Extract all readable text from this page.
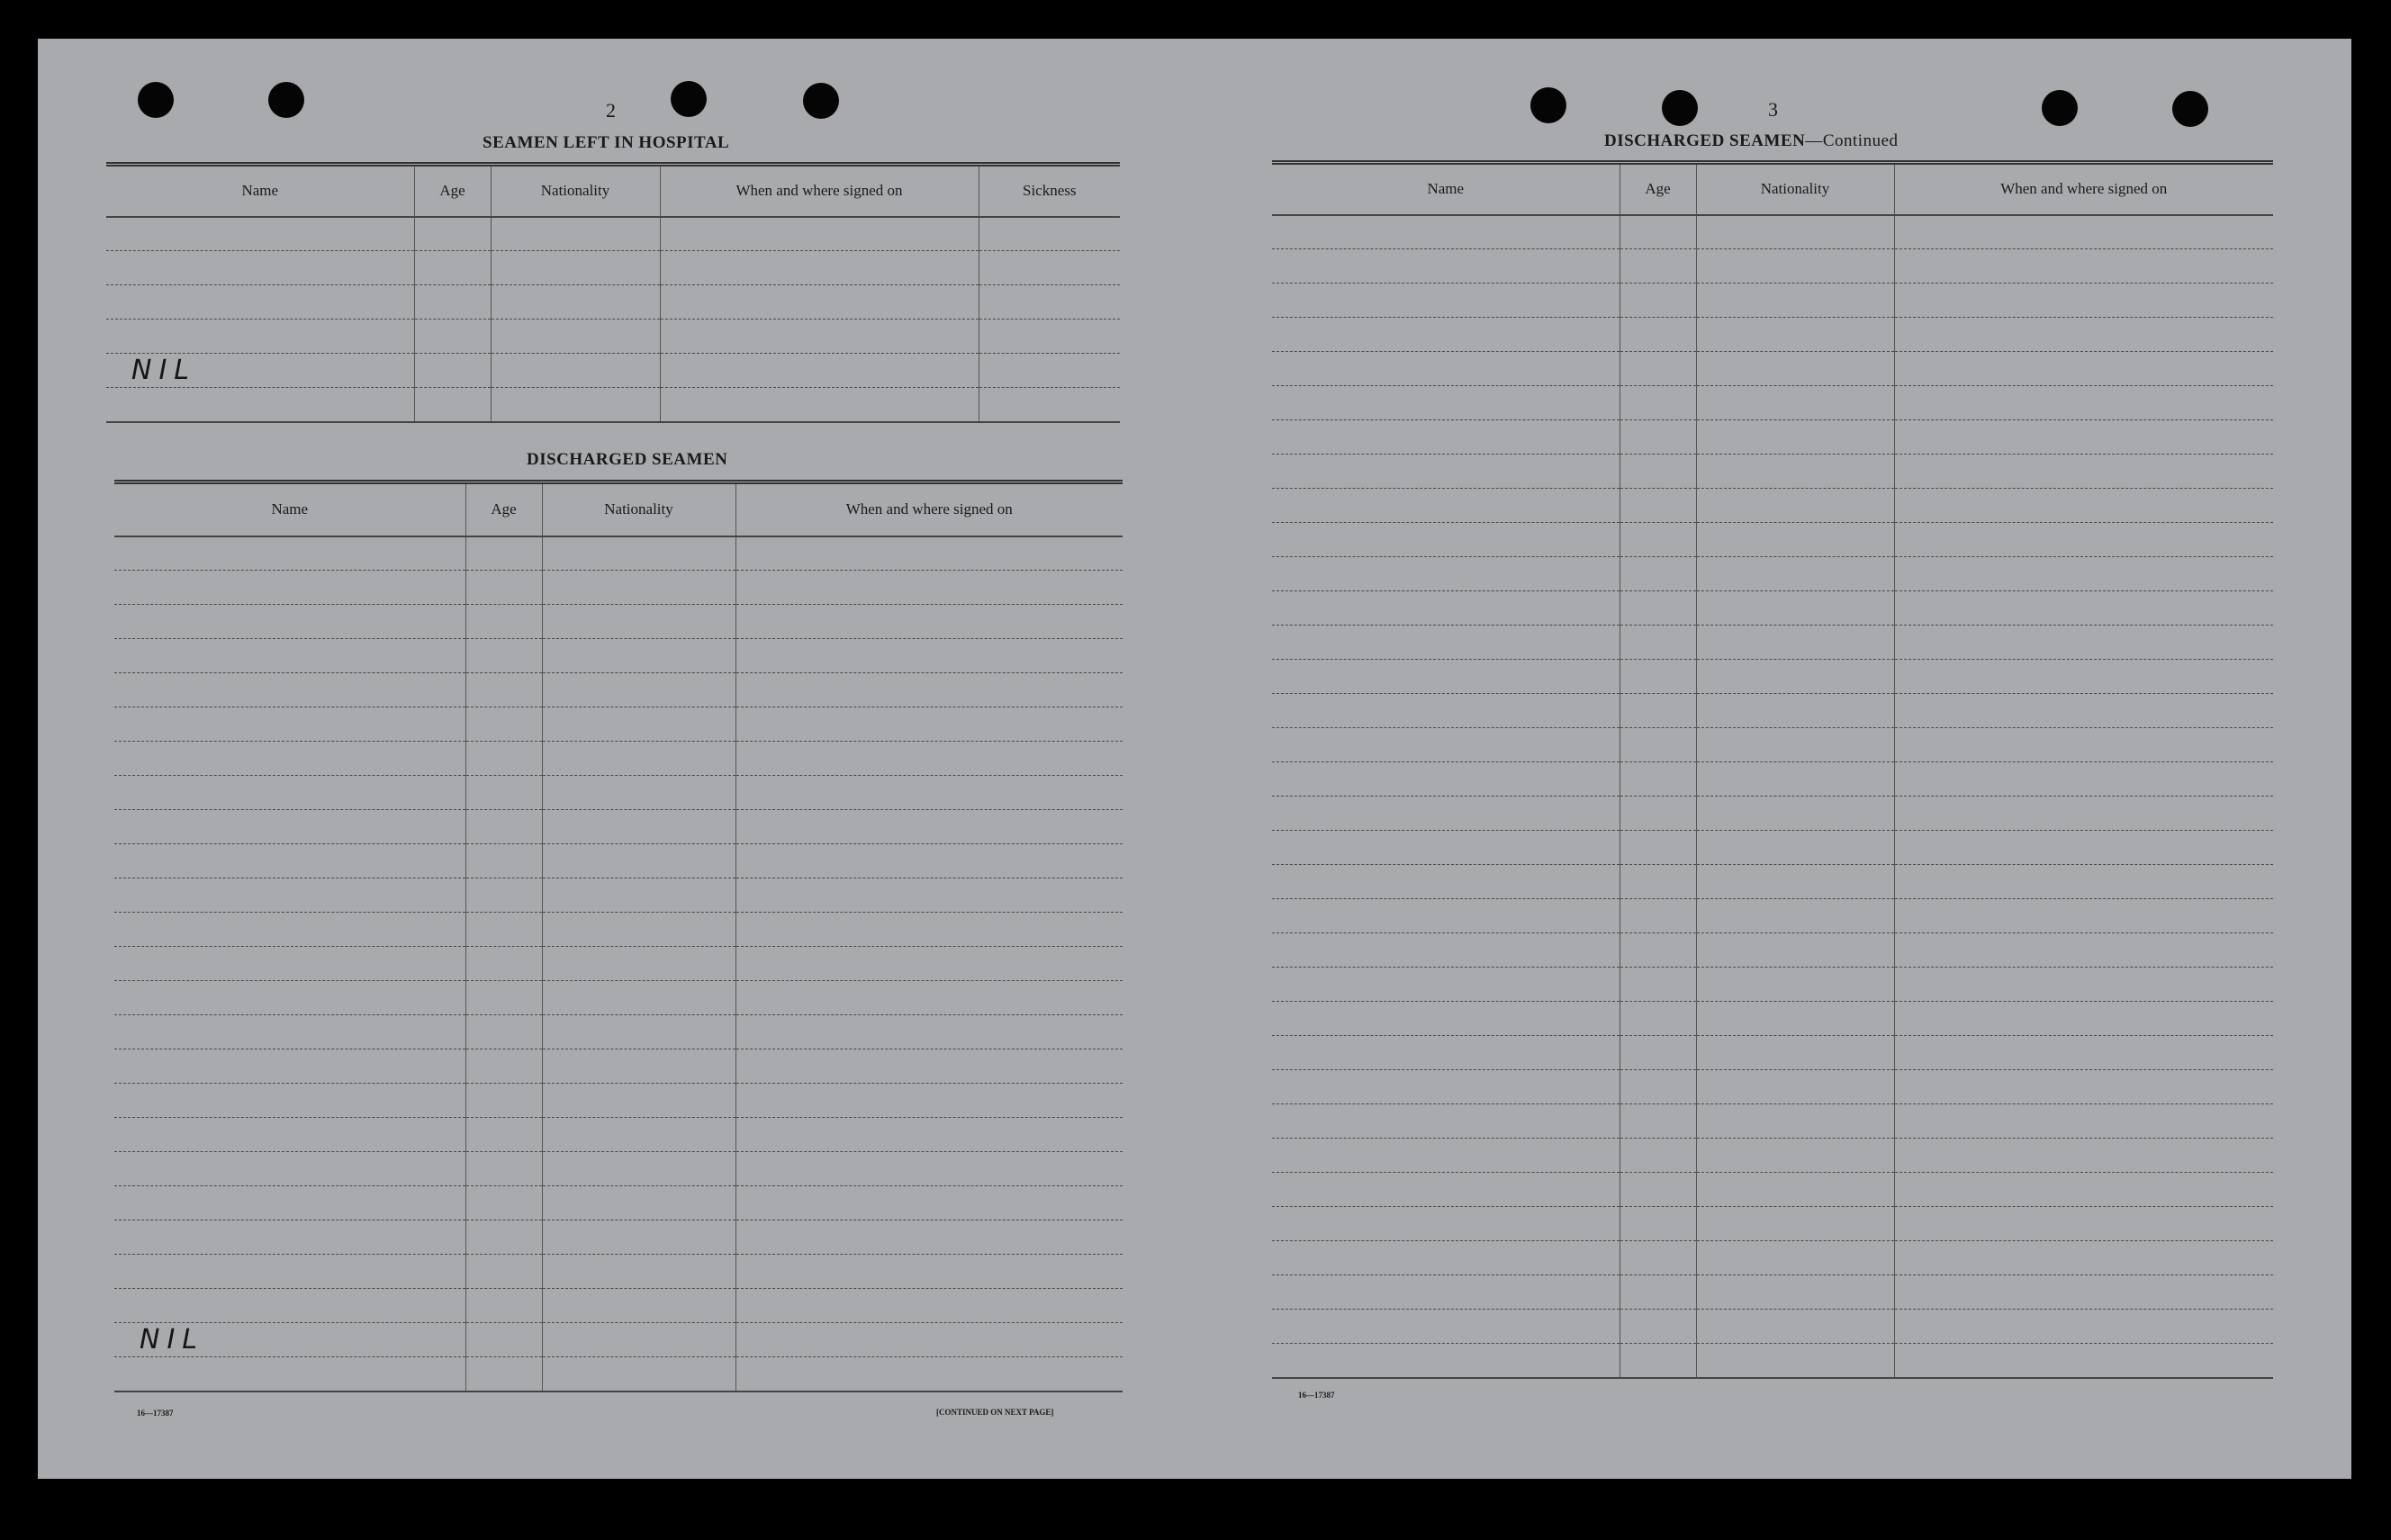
2
SEAMEN LEFT IN HOSPITAL
Name	Age	Nationality	When and where signed on	Sickness

NIL				

DISCHARGED SEAMEN
Name	Age	Nationality	When and where signed on

NIL			

16—17387	[CONTINUED ON NEXT PAGE]
3
DISCHARGED SEAMEN—Continued
Name	Age	Nationality	When and where signed on

16—17387
